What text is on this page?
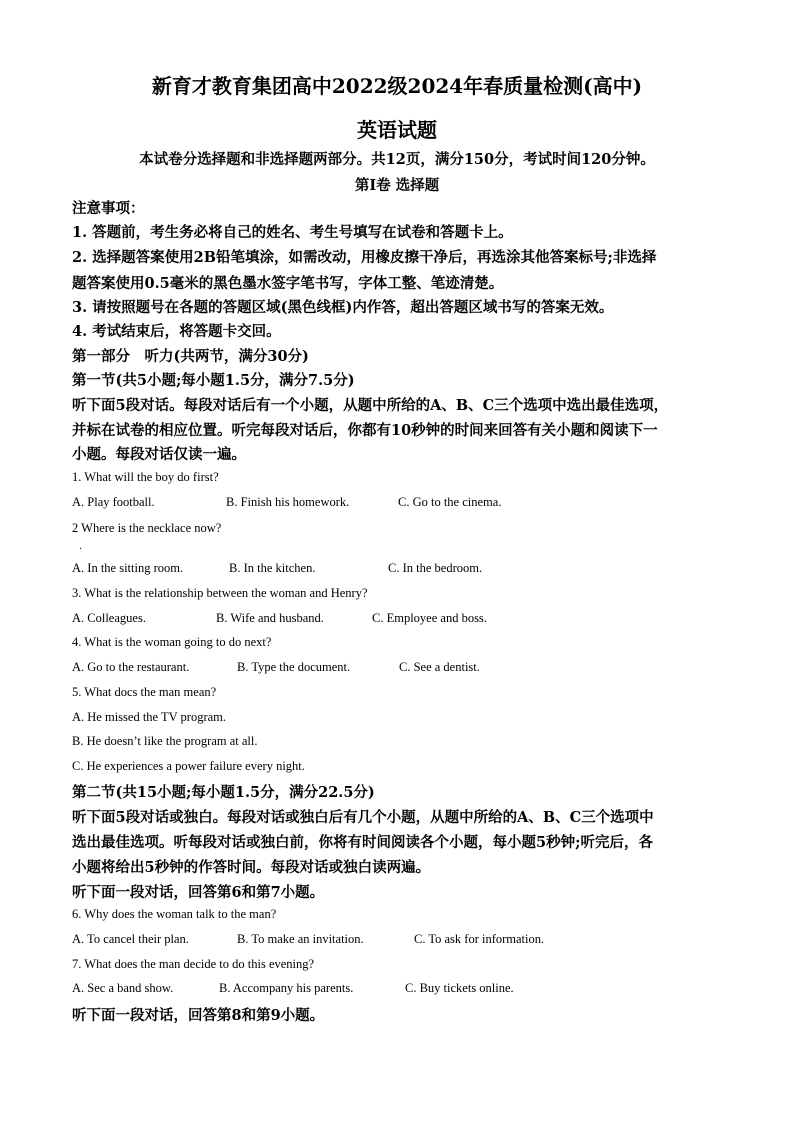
新育才教育集团高中2022级2024年春质量检测(高中)
英语试题
本试卷分选择题和非选择题两部分。共12页，满分150分，考试时间120分钟。
第Ⅰ卷 选择题
注意事项：
1. 答题前，考生务必将自己的姓名、考生号填写在试卷和答题卡上。
2. 选择题答案使用2B铅笔填涂，如需改动，用橡皮擦干净后，再选涂其他答案标号;非选择
题答案使用0.5毫米的黑色墨水签字笔书写，字体工整、笔迹清楚。
3. 请按照题号在各题的答题区域(黑色线框)内作答，超出答题区域书写的答案无效。
4. 考试结束后，将答题卡交回。
第一部分　听力(共两节，满分30分)
第一节(共5小题;每小题1.5分，满分7.5分)
听下面5段对话。每段对话后有一个小题，从题中所给的A、B、C三个选项中选出最佳选项，
并标在试卷的相应位置。听完每段对话后，你都有10秒钟的时间来回答有关小题和阅读下一
小题。每段对话仅读一遍。
1. What will the boy do first?
A. Play football.	B. Finish his homework.	C. Go to the cinema.
2 Where is the necklace now?
·
A. In the sitting room.	B. In the kitchen.	C. In the bedroom.
3. What is the relationship between the woman and Henry?
A. Colleagues.	B. Wife and husband.	C. Employee and boss.
4. What is the woman going to do next?
A. Go to the restaurant.	B. Type the document.	C. See a dentist.
5. What docs the man mean?
A. He missed the TV program.
B. He doesn’t like the program at all.
C. He experiences a power failure every night.
第二节(共15小题;每小题1.5分，满分22.5分)
听下面5段对话或独白。每段对话或独白后有几个小题，从题中所给的A、B、C三个选项中
选出最佳选项。听每段对话或独白前，你将有时间阅读各个小题，每小题5秒钟;听完后，各
小题将给出5秒钟的作答时间。每段对话或独白读两遍。
听下面一段对话，回答第6和第7小题。
6. Why does the woman talk to the man?
A. To cancel their plan.	B. To make an invitation.	C. To ask for information.
7. What does the man decide to do this evening?
A. Sec a band show.	B. Accompany his parents.	C. Buy tickets online.
听下面一段对话，回答第8和第9小题。
